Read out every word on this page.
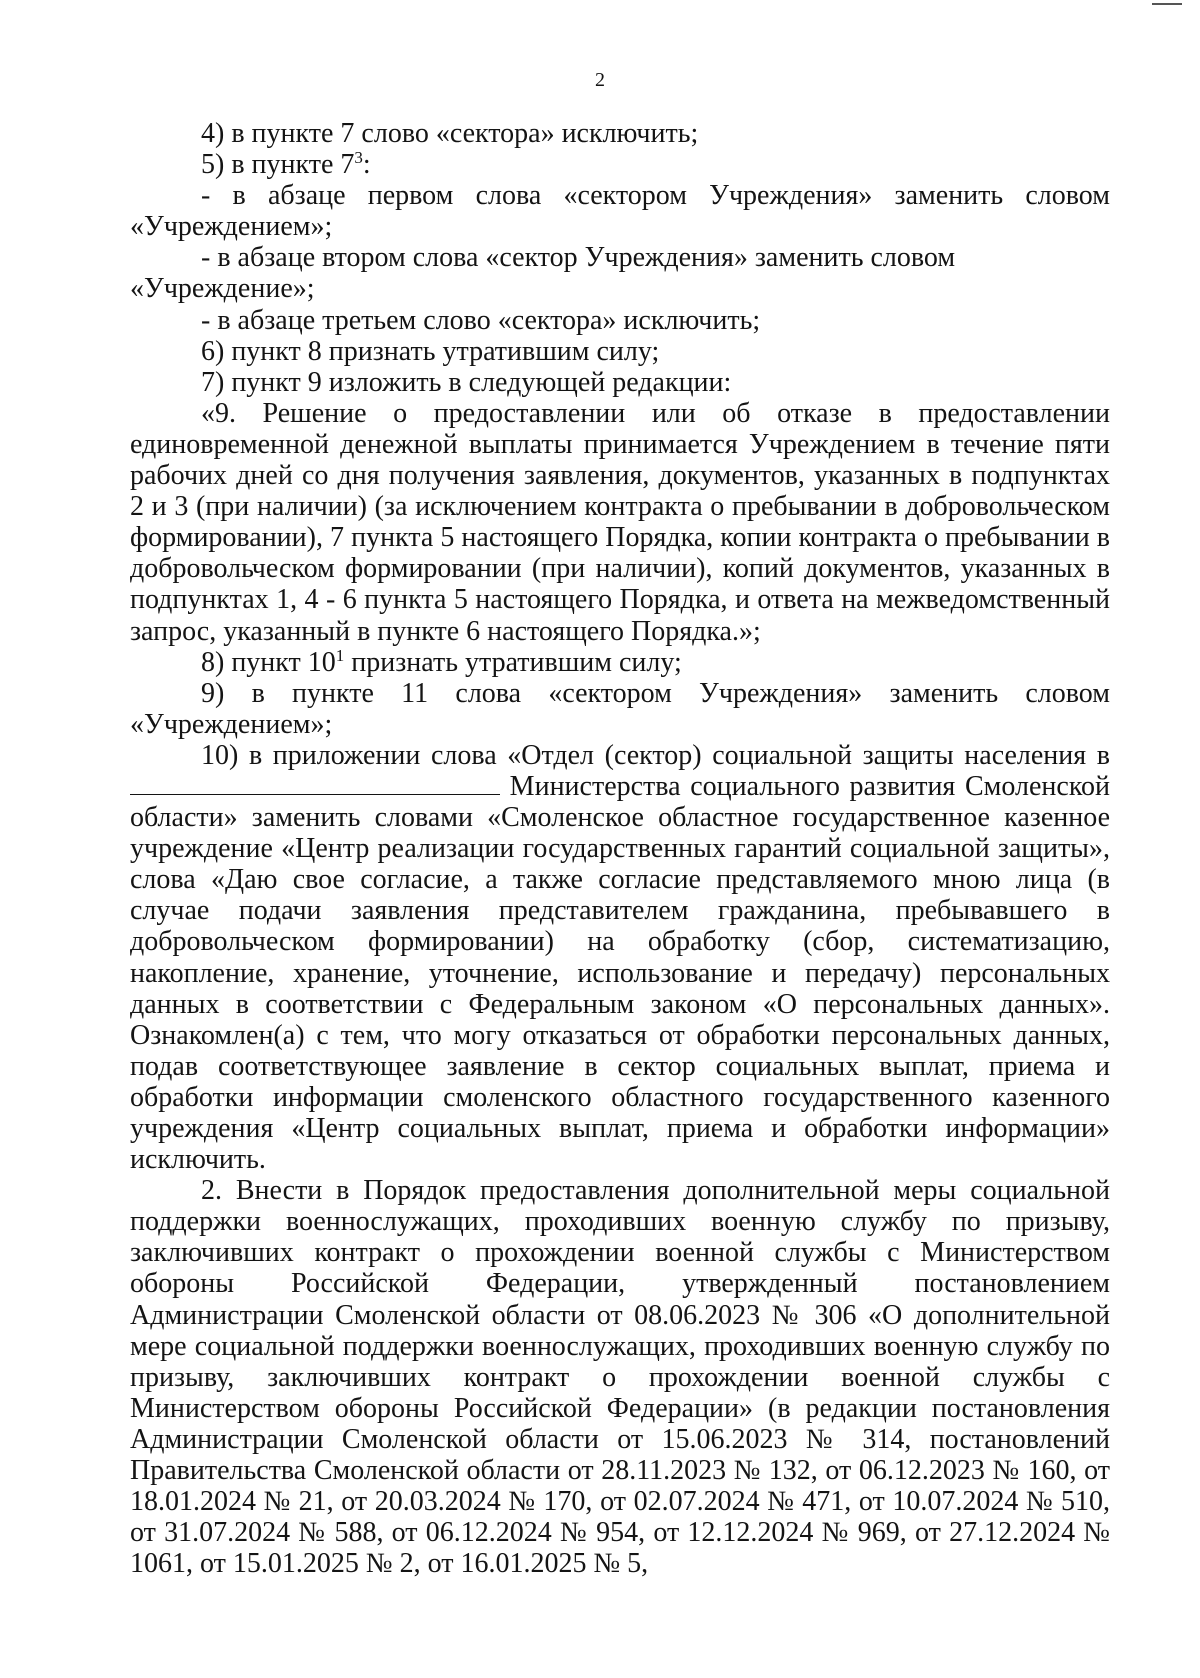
2

4) в пункте 7 слово «сектора» исключить;

5) в пункте $7^3$:

- в абзаце первом слова «сектором Учреждения» заменить словом «Учреждением»;

- в абзаце втором слова «сектор Учреждения» заменить словом «Учреждение»;

- в абзаце третьем слово «сектора» исключить;

6) пункт 8 признать утратившим силу;

7) пункт 9 изложить в следующей редакции:

«9. Решение о предоставлении или об отказе в предоставлении единовременной денежной выплаты принимается Учреждением в течение пяти рабочих дней со дня получения заявления, документов, указанных в подпунктах 2 и 3 (при наличии) (за исключением контракта о пребывании в добровольческом формировании), 7 пункта 5 настоящего Порядка, копии контракта о пребывании в добровольческом формировании (при наличии), копий документов, указанных в подпунктах 1, 4 - 6 пункта 5 настоящего Порядка, и ответа на межведомственный запрос, указанный в пункте 6 настоящего Порядка.»;

8) пункт $10^1$ признать утратившим силу;

9) в пункте 11 слова «сектором Учреждения» заменить словом «Учреждением»;

10) в приложении слова «Отдел (сектор) социальной защиты населения в Министерства социального развития Смоленской области» заменить словами «Смоленское областное государственное казенное учреждение «Центр реализации государственных гарантий социальной защиты», слова «Даю свое согласие, а также согласие представляемого мною лица (в случае подачи заявления представителем гражданина, пребывавшего в добровольческом формировании) на обработку (сбор, систематизацию, накопление, хранение, уточнение, использование и передачу) персональных данных в соответствии с Федеральным законом «О персональных данных». Ознакомлен(а) с тем, что могу отказаться от обработки персональных данных, подав соответствующее заявление в сектор социальных выплат, приема и обработки информации смоленского областного государственного казенного учреждения «Центр социальных выплат, приема и обработки информации» исключить.

2. Внести в Порядок предоставления дополнительной меры социальной поддержки военнослужащих, проходивших военную службу по призыву, заключивших контракт о прохождении военной службы с Министерством обороны Российской Федерации, утвержденный постановлением Администрации Смоленской области от 08.06.2023 № 306 «О дополнительной мере социальной поддержки военнослужащих, проходивших военную службу по призыву, заключивших контракт о прохождении военной службы с Министерством обороны Российской Федерации» (в редакции постановления Администрации Смоленской области от 15.06.2023 № 314, постановлений Правительства Смоленской области от 28.11.2023 № 132, от 06.12.2023 № 160, от 18.01.2024 № 21, от 20.03.2024 № 170, от 02.07.2024 № 471, от 10.07.2024 № 510, от 31.07.2024 № 588, от 06.12.2024 № 954, от 12.12.2024 № 969, от 27.12.2024 № 1061, от 15.01.2025 № 2, от 16.01.2025 № 5,
